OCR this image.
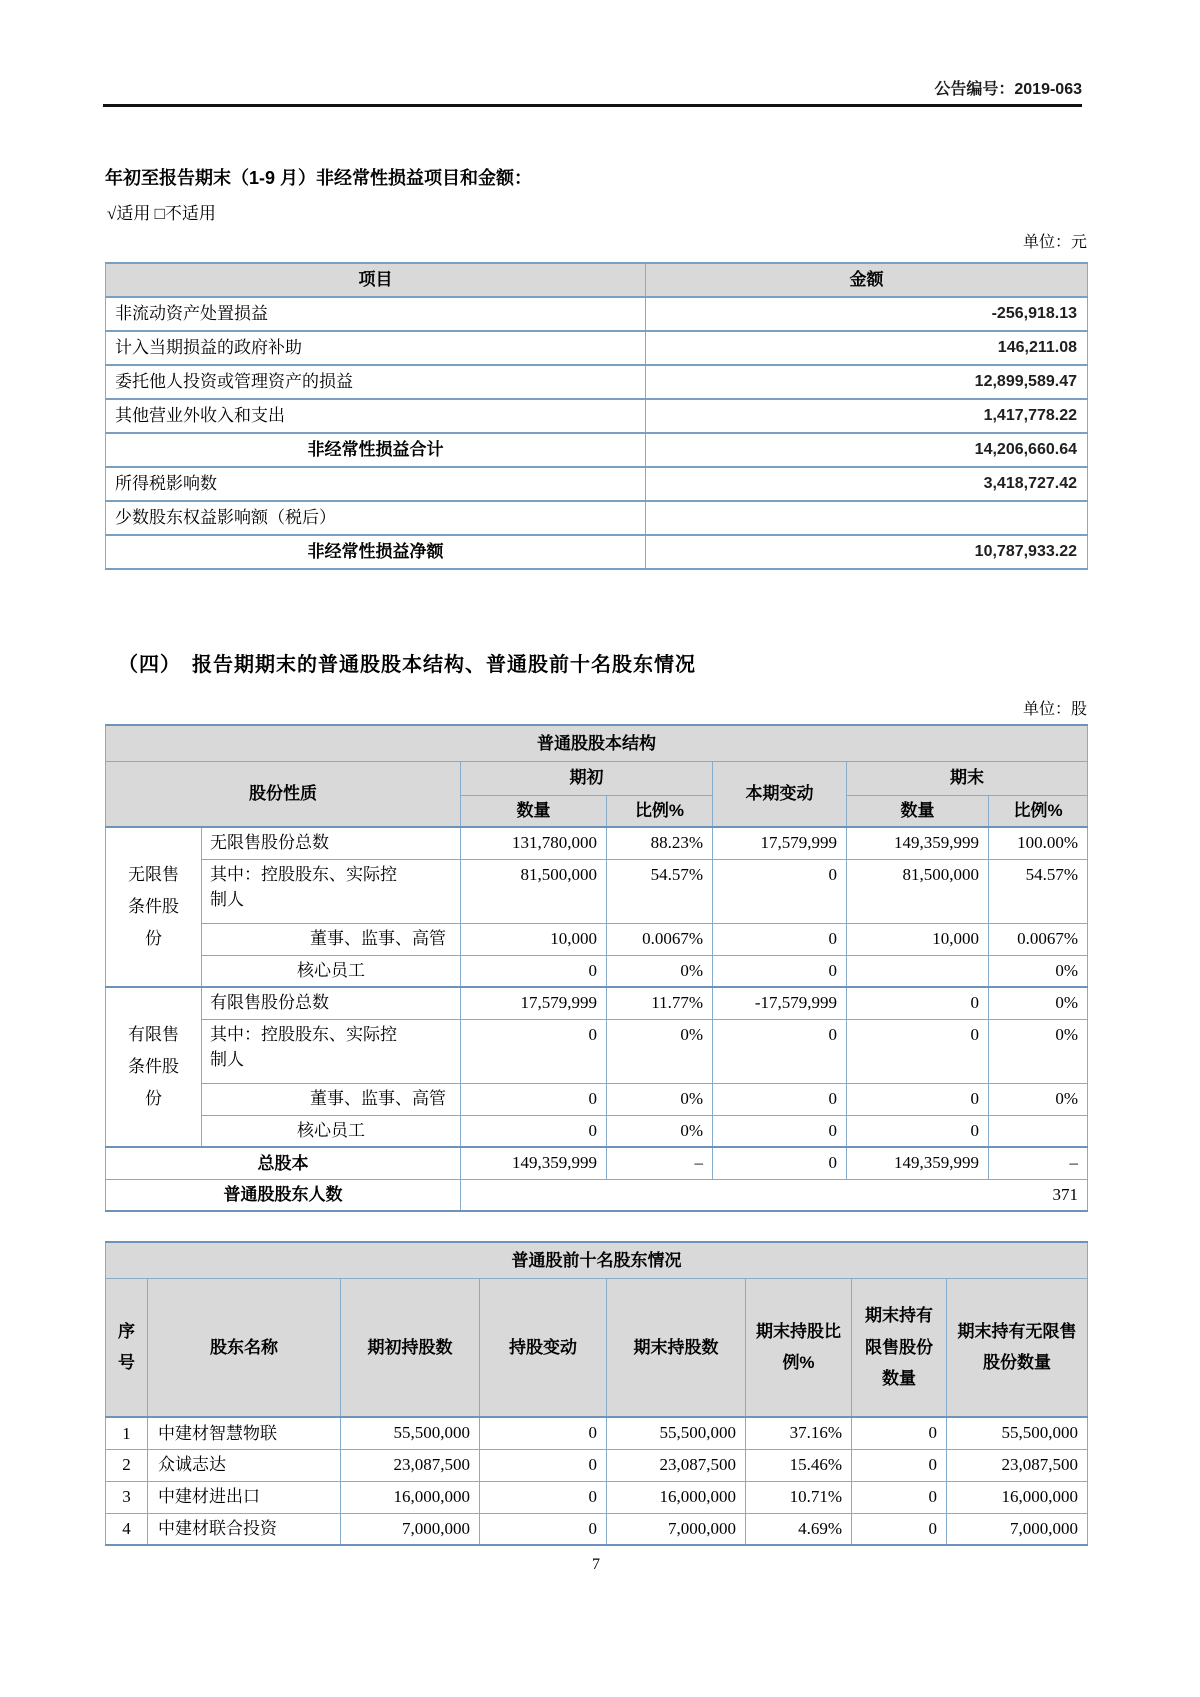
公告编号：2019-063
年初至报告期末（1-9 月）非经常性损益项目和金额：
√适用 □不适用
单位：元
项目	金额
非流动资产处置损益	-256,918.13
计入当期损益的政府补助	146,211.08
委托他人投资或管理资产的损益	12,899,589.47
其他营业外收入和支出	1,417,778.22
非经常性损益合计	14,206,660.64
所得税影响数	3,418,727.42
少数股东权益影响额（税后）	
非经常性损益净额	10,787,933.22
（四）　报告期期末的普通股股本结构、普通股前十名股东情况
单位：股
普通股股本结构						
股份性质		期初		本期变动	期末	
		数量	比例%		数量	比例%
无限售条件股份	无限售股份总数	131,780,000	88.23%	17,579,999	149,359,999	100.00%
	其中：控股股东、实际控制人	81,500,000	54.57%	0	81,500,000	54.57%
	董事、监事、高管	10,000	0.0067%	0	10,000	0.0067%
	核心员工	0	0%	0		0%
有限售条件股份	有限售股份总数	17,579,999	11.77%	-17,579,999	0	0%
	其中：控股股东、实际控制人	0	0%	0	0	0%
	董事、监事、高管	0	0%	0	0	0%
	核心员工	0	0%	0	0	
总股本		149,359,999	–	0	149,359,999	–
普通股股东人数		371				
普通股前十名股东情况							
序号	股东名称	期初持股数	持股变动	期末持股数	期末持股比例%	期末持有限售股份数量	期末持有无限售股份数量
1	中建材智慧物联	55,500,000	0	55,500,000	37.16%	0	55,500,000
2	众诚志达	23,087,500	0	23,087,500	15.46%	0	23,087,500
3	中建材进出口	16,000,000	0	16,000,000	10.71%	0	16,000,000
4	中建材联合投资	7,000,000	0	7,000,000	4.69%	0	7,000,000
7
